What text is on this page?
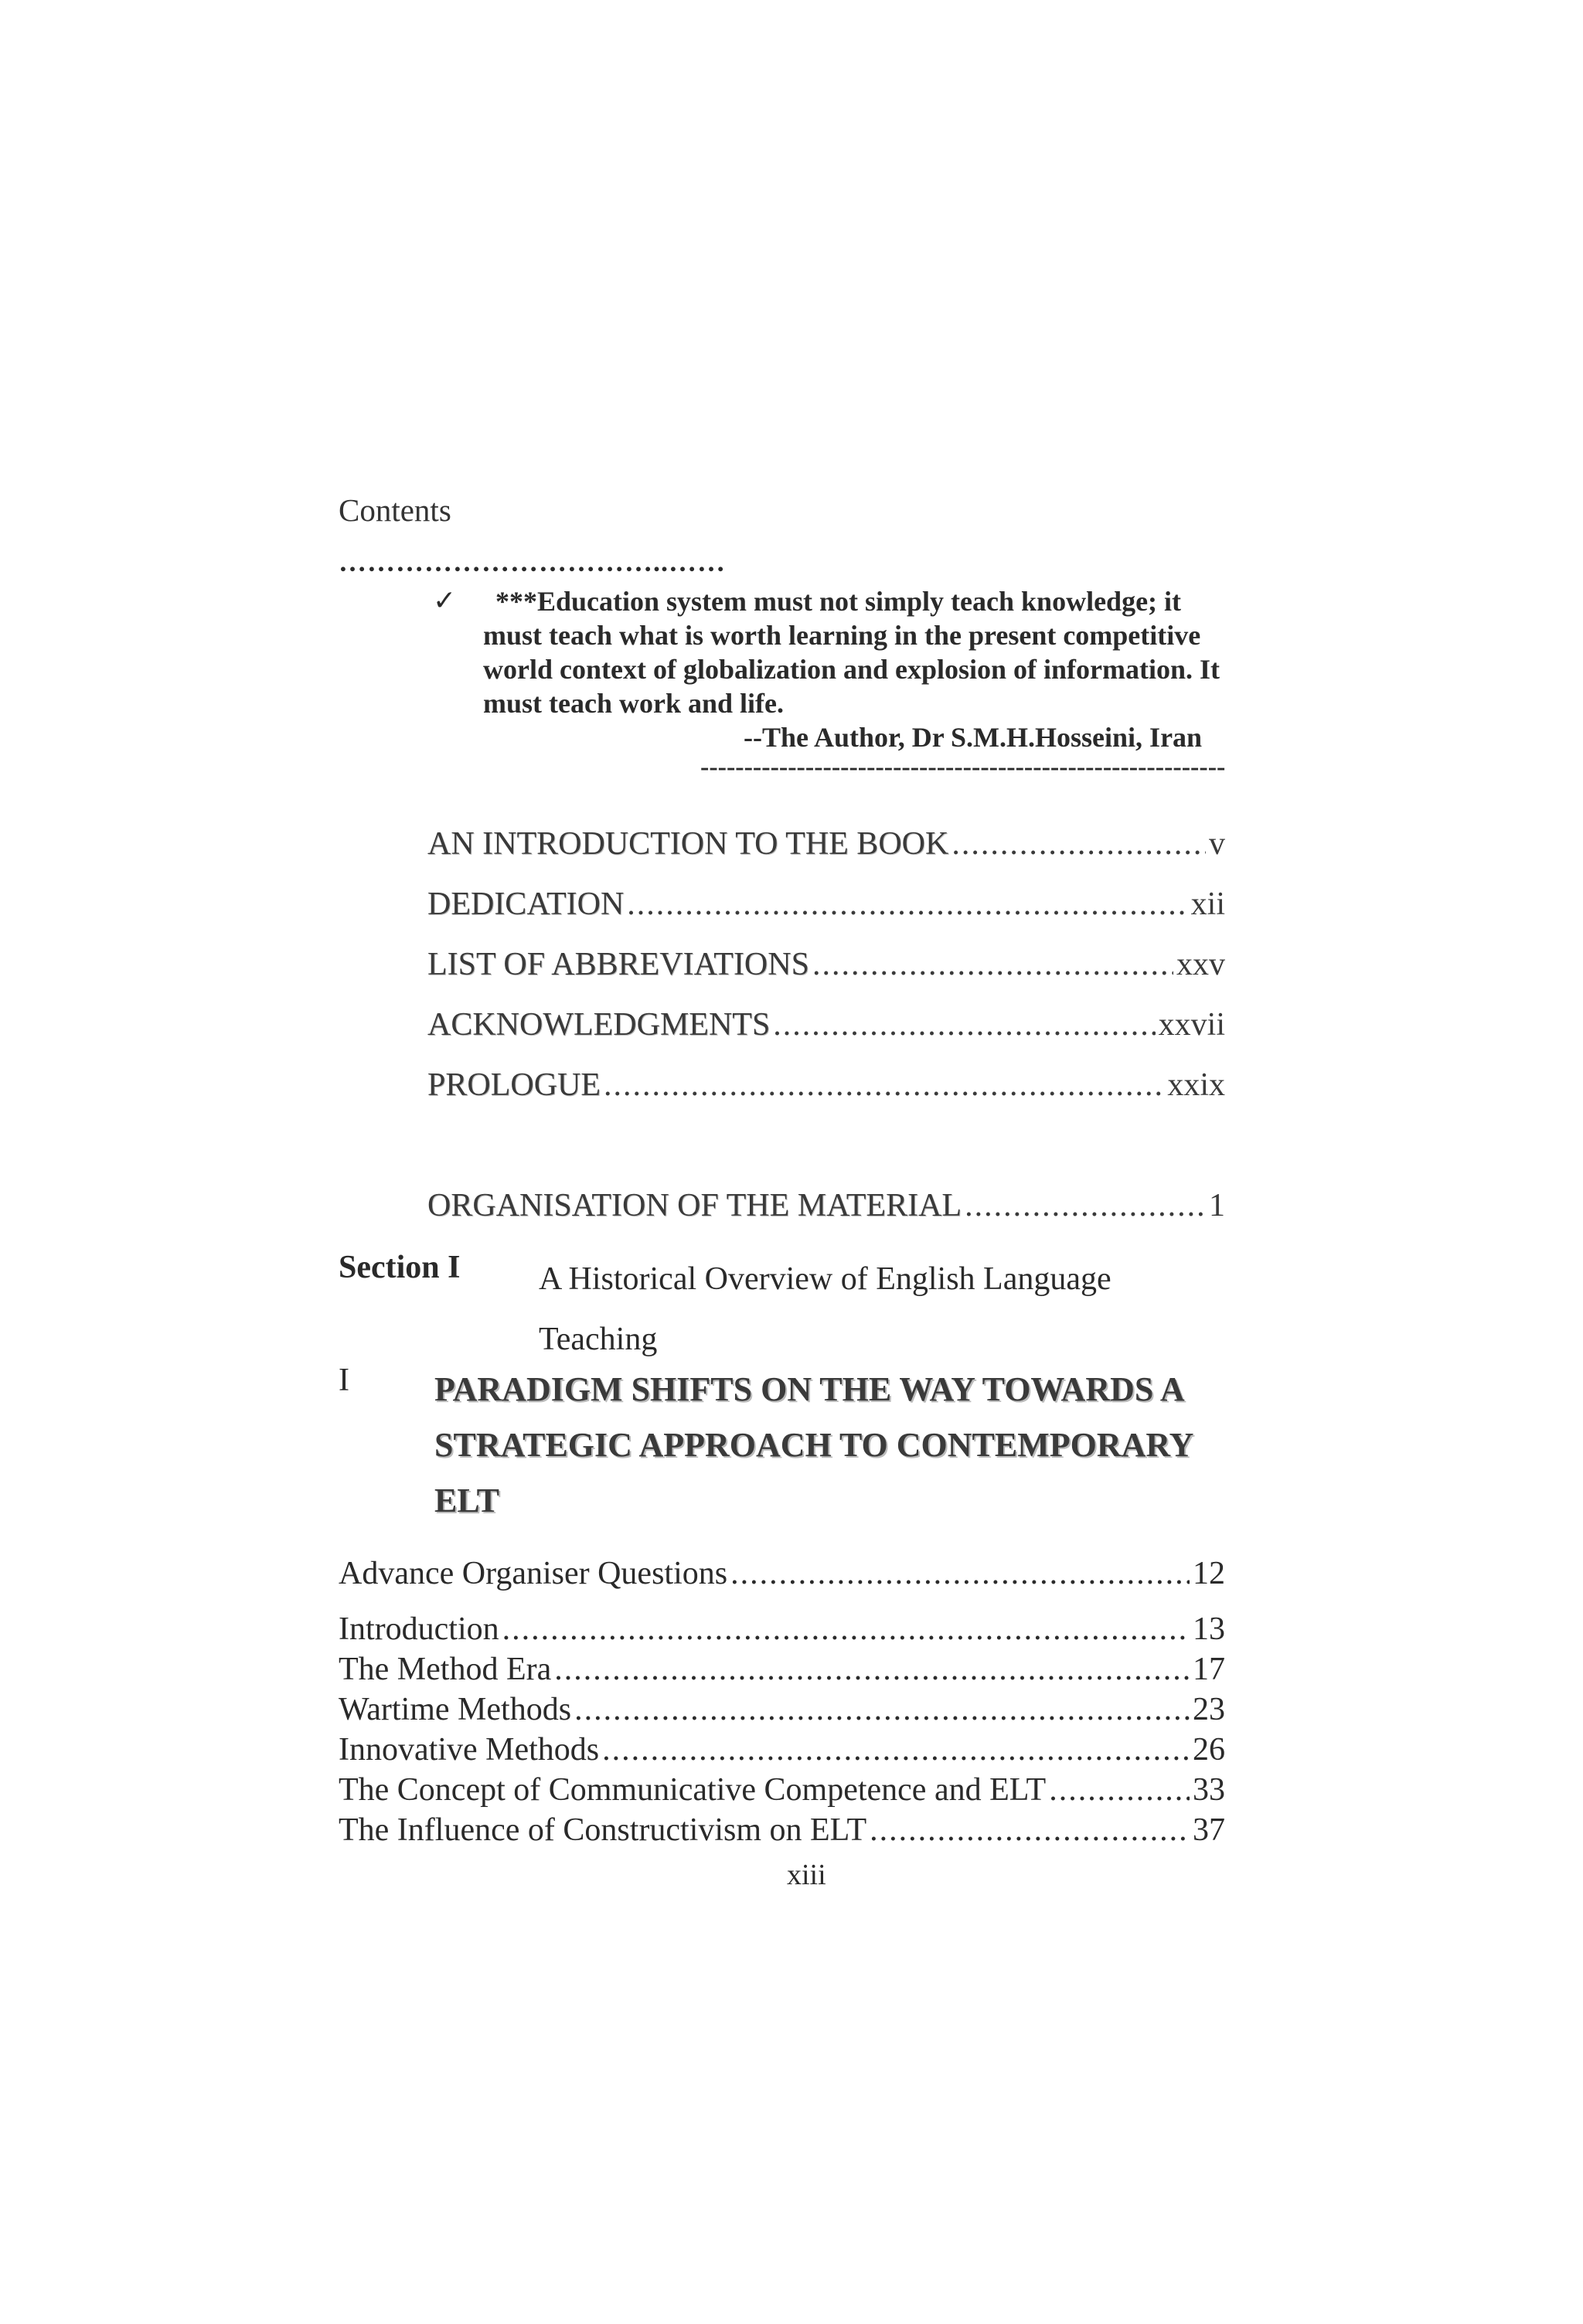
Contents
……………………………..……
✓	***Education system must not simply teach knowledge; it

must teach what is worth learning in the present competitive

world context of globalization and explosion of information. It

must teach work and life.

--The Author, Dr S.M.H.Hosseini, Iran
------------------------------------------------------------
AN INTRODUCTION TO THE BOOK .....	v
DEDICATION .....	xii
LIST OF ABBREVIATIONS .....	xxv
ACKNOWLEDGMENTS .....	xxvii
PROLOGUE .....	xxix
ORGANISATION OF THE MATERIAL .....	1
Section I A Historical Overview of English Language Teaching
I	PARADIGM SHIFTS ON THE WAY TOWARDS A STRATEGIC APPROACH TO CONTEMPORARY ELT
Advance Organiser Questions .....	12
Introduction .....	13
The Method Era .....	17
Wartime Methods .....	23
Innovative Methods .....	26
The Concept of Communicative Competence and ELT .....	33
The Influence of Constructivism on ELT .....	37
xiii
